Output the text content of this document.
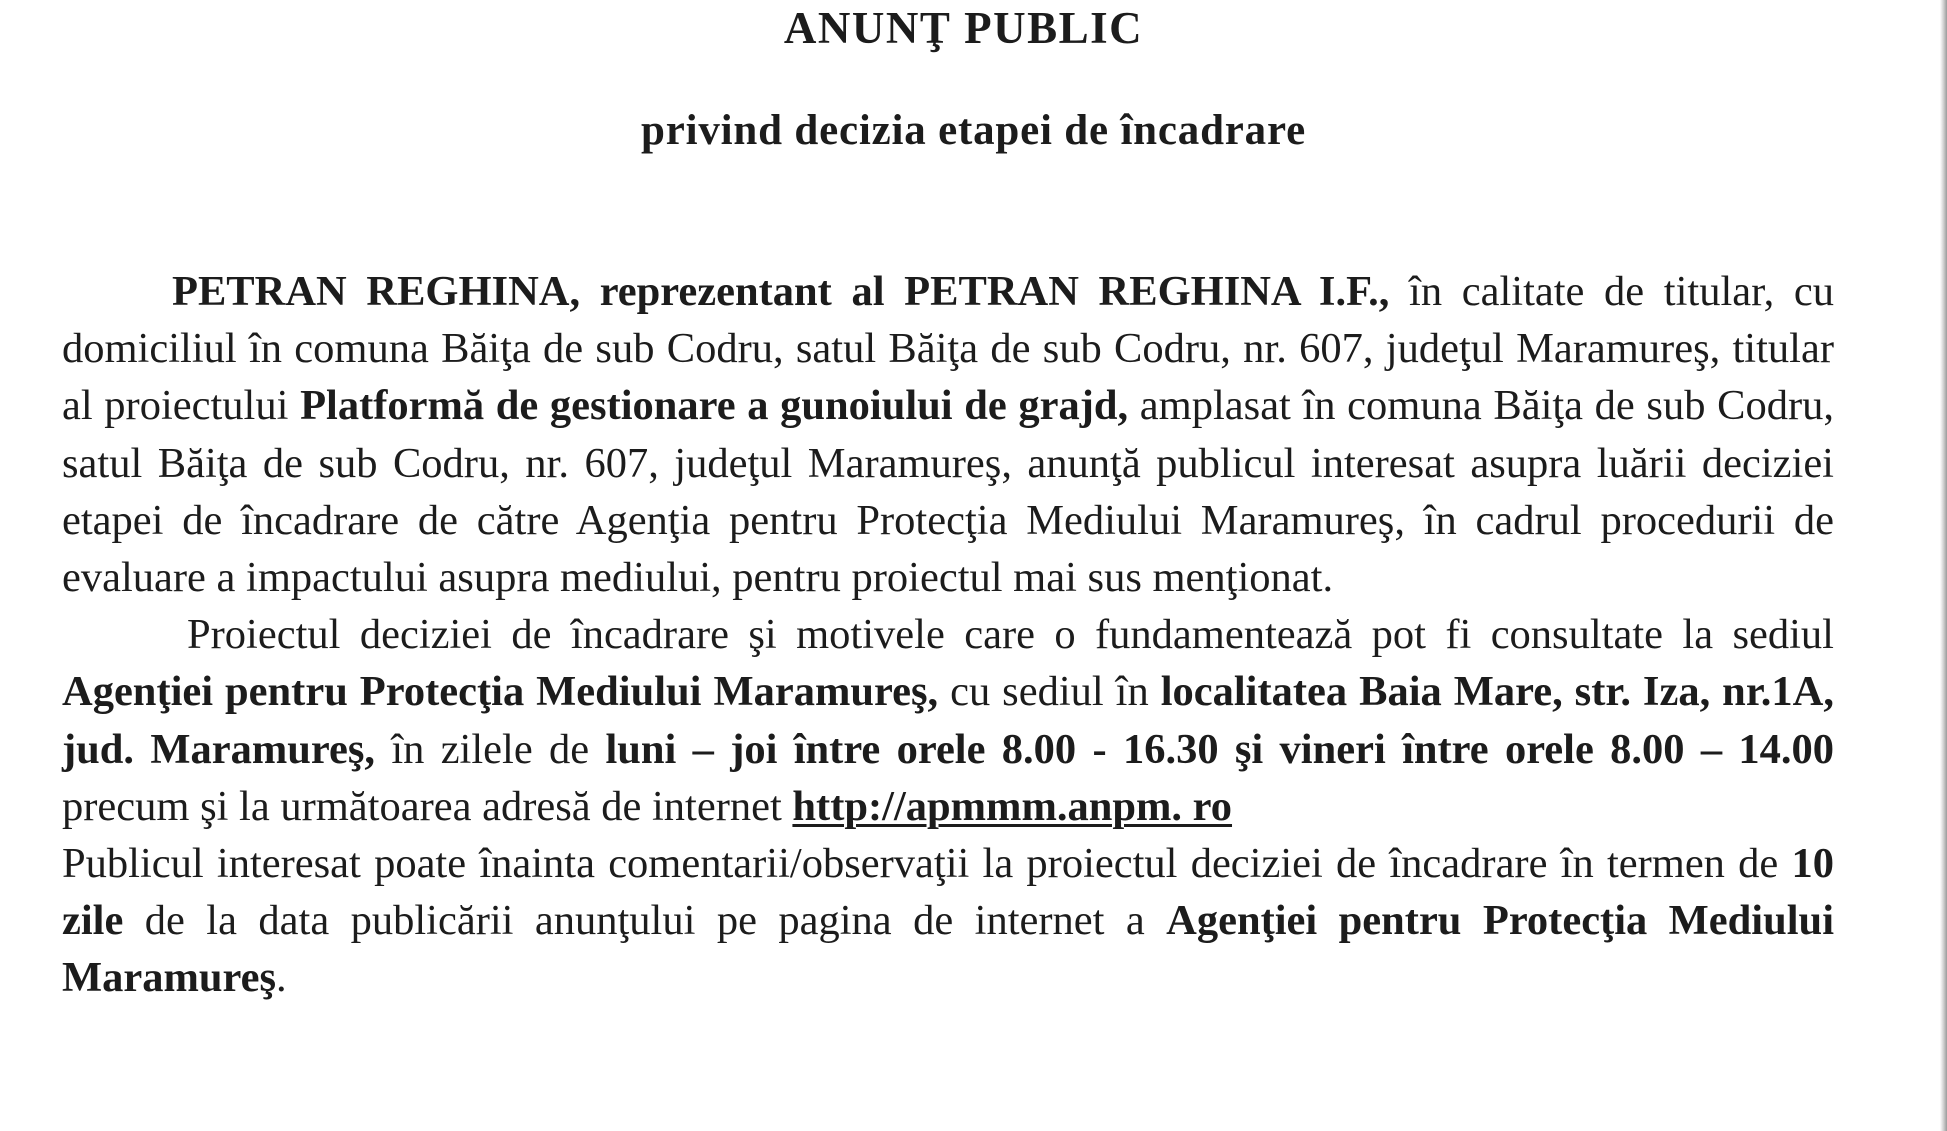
ANUNŢ PUBLIC
privind decizia etapei de încadrare

PETRAN REGHINA, reprezentant al PETRAN REGHINA I.F., în calitate de titular, cu domiciliul în comuna Băiţa de sub Codru, satul Băiţa de sub Codru, nr. 607, judeţul Maramureş, titular al proiectului Platformă de gestionare a gunoiului de grajd, amplasat în comuna Băiţa de sub Codru, satul Băiţa de sub Codru, nr. 607, judeţul Maramureş, anunţă publicul interesat asupra luării deciziei etapei de încadrare de către Agenţia pentru Protecţia Mediului Maramureş, în cadrul procedurii de evaluare a impactului asupra mediului, pentru proiectul mai sus menţionat.

Proiectul deciziei de încadrare şi motivele care o fundamentează pot fi consultate la sediul Agenţiei pentru Protecţia Mediului Maramureş, cu sediul în localitatea Baia Mare, str. Iza, nr.1A, jud. Maramureş, în zilele de luni – joi între orele 8.00 - 16.30 şi vineri între orele 8.00 – 14.00 precum şi la următoarea adresă de internet http://apmmm.anpm. ro

Publicul interesat poate înainta comentarii/observaţii la proiectul deciziei de încadrare în termen de 10 zile de la data publicării anunţului pe pagina de internet a Agenţiei pentru Protecţia Mediului Maramureş.
